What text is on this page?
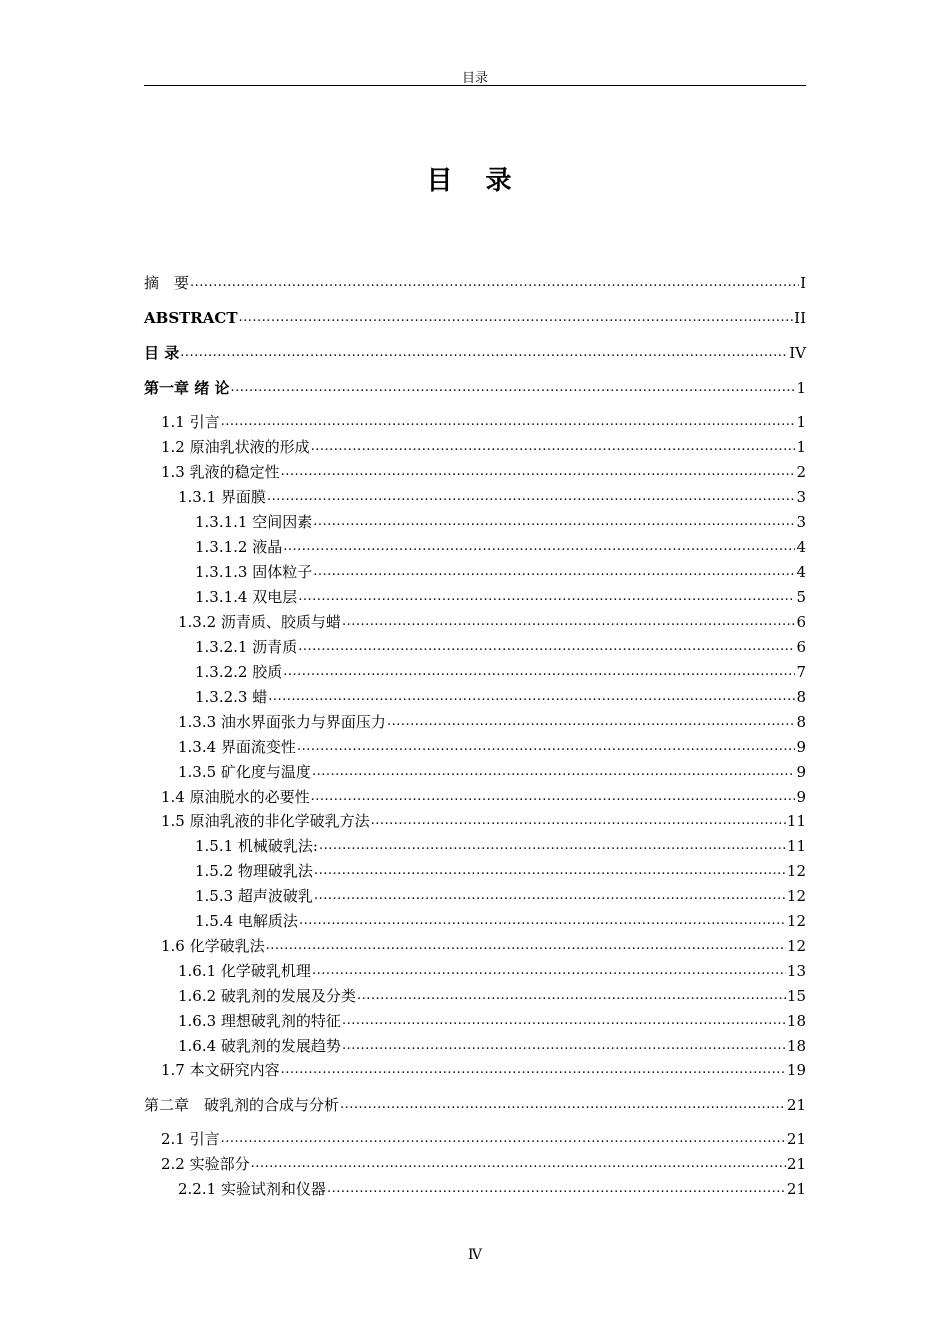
目录
目 录
摘　要 .....	I
ABSTRACT .....	II
目 录 .....	IV
第一章 绪 论 .....	1
1.1 引言 .....	1
1.2 原油乳状液的形成 .....	1
1.3 乳液的稳定性 .....	2
1.3.1 界面膜 .....	3
1.3.1.1 空间因素 .....	3
1.3.1.2 液晶 .....	4
1.3.1.3 固体粒子 .....	4
1.3.1.4 双电层 .....	5
1.3.2 沥青质、胶质与蜡 .....	6
1.3.2.1 沥青质 .....	6
1.3.2.2 胶质 .....	7
1.3.2.3 蜡 .....	8
1.3.3 油水界面张力与界面压力 .....	8
1.3.4 界面流变性 .....	9
1.3.5 矿化度与温度 .....	9
1.4 原油脱水的必要性 .....	9
1.5 原油乳液的非化学破乳方法 .....	11
1.5.1 机械破乳法: .....	11
1.5.2 物理破乳法 .....	12
1.5.3 超声波破乳 .....	12
1.5.4 电解质法 .....	12
1.6 化学破乳法 .....	12
1.6.1 化学破乳机理 .....	13
1.6.2 破乳剂的发展及分类 .....	15
1.6.3 理想破乳剂的特征 .....	18
1.6.4 破乳剂的发展趋势 .....	18
1.7 本文研究内容 .....	19
第二章　破乳剂的合成与分析 .....	21
2.1 引言 .....	21
2.2 实验部分 .....	21
2.2.1 实验试剂和仪器 .....	21
Ⅳ
